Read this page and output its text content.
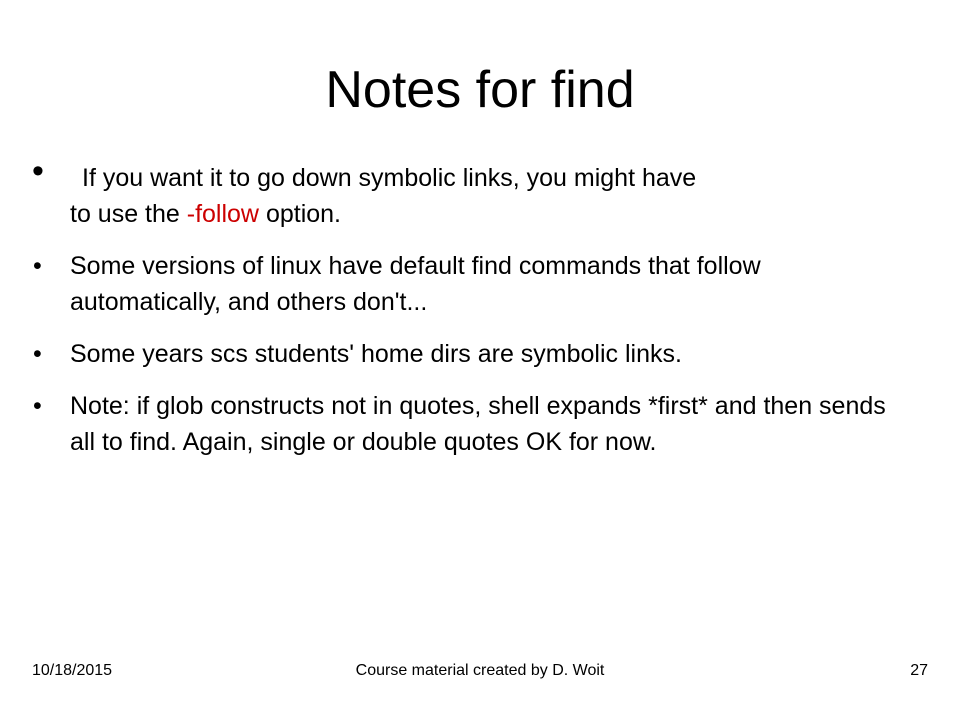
Notes for find
• If you want it to go down symbolic links, you might have
to use the -follow option.
• Some versions of linux have default find commands that follow automatically, and others don't...
• Some years scs students' home dirs are symbolic links.
• Note: if glob constructs not in quotes, shell expands *first* and then sends all to find. Again, single or double quotes OK for now.
10/18/2015	Course material created by D. Woit	27
